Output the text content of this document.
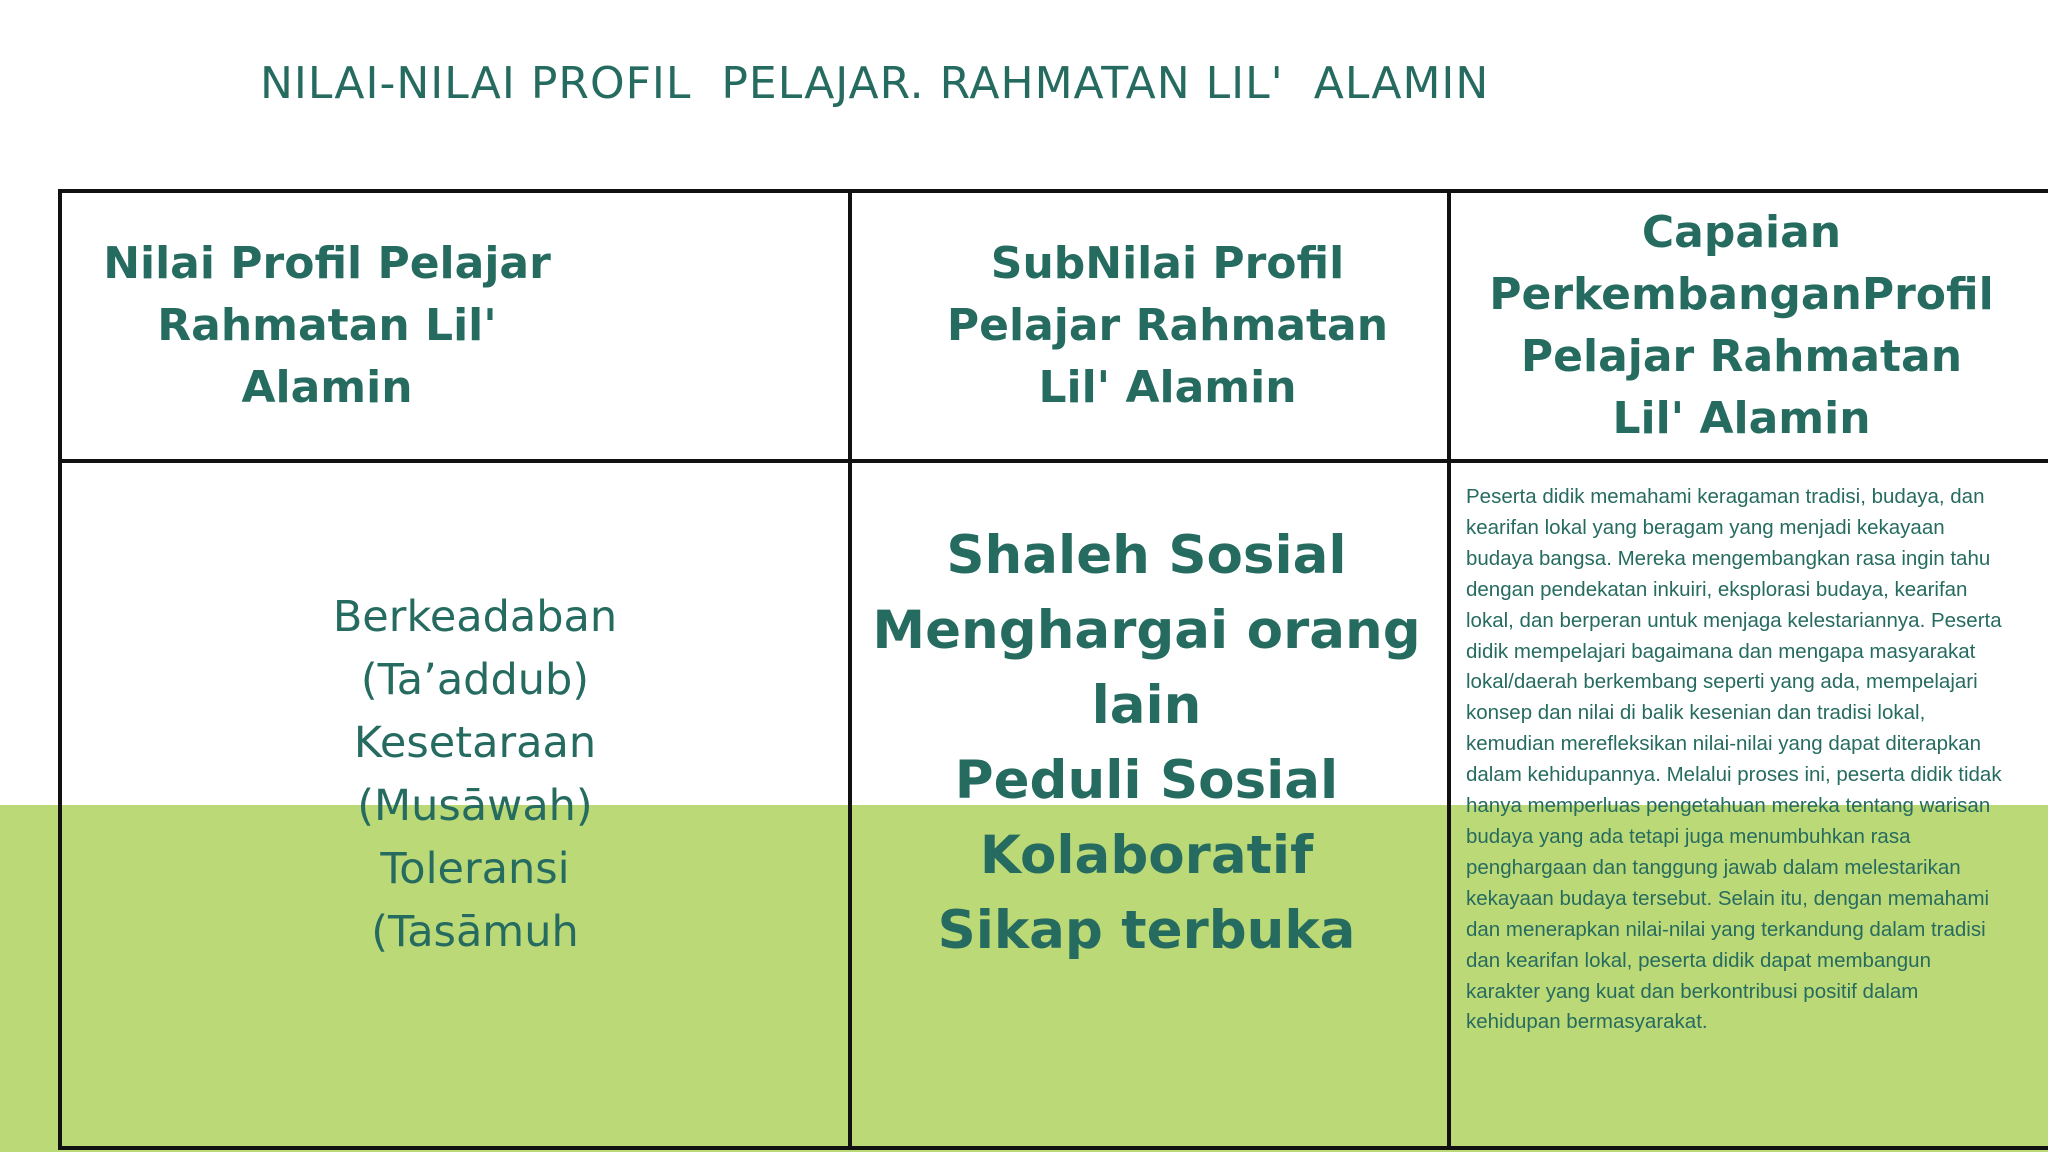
NILAI-NILAI PROFIL  PELAJAR. RAHMATAN LIL'  ALAMIN
Nilai Profil Pelajar
Rahmatan Lil'
Alamin
SubNilai Profil
Pelajar Rahmatan
Lil' Alamin
Capaian
PerkembanganProfil
Pelajar Rahmatan
Lil' Alamin
Berkeadaban
(Ta’addub)
Kesetaraan
(Musāwah)
Toleransi
(Tasāmuh
Shaleh Sosial
Menghargai orang
lain
Peduli Sosial
Kolaboratif
Sikap terbuka
Peserta didik memahami keragaman tradisi, budaya, dan kearifan lokal yang beragam yang menjadi kekayaan budaya bangsa. Mereka mengembangkan rasa ingin tahu dengan pendekatan inkuiri, eksplorasi budaya, kearifan lokal, dan berperan untuk menjaga kelestariannya. Peserta didik mempelajari bagaimana dan mengapa masyarakat lokal/daerah berkembang seperti yang ada, mempelajari konsep dan nilai di balik kesenian dan tradisi lokal, kemudian merefleksikan nilai-nilai yang dapat diterapkan dalam kehidupannya. Melalui proses ini, peserta didik tidak hanya memperluas pengetahuan mereka tentang warisan budaya yang ada tetapi juga menumbuhkan rasa penghargaan dan tanggung jawab dalam melestarikan kekayaan budaya tersebut. Selain itu, dengan memahami dan menerapkan nilai-nilai yang terkandung dalam tradisi dan kearifan lokal, peserta didik dapat membangun karakter yang kuat dan berkontribusi positif dalam kehidupan bermasyarakat.
